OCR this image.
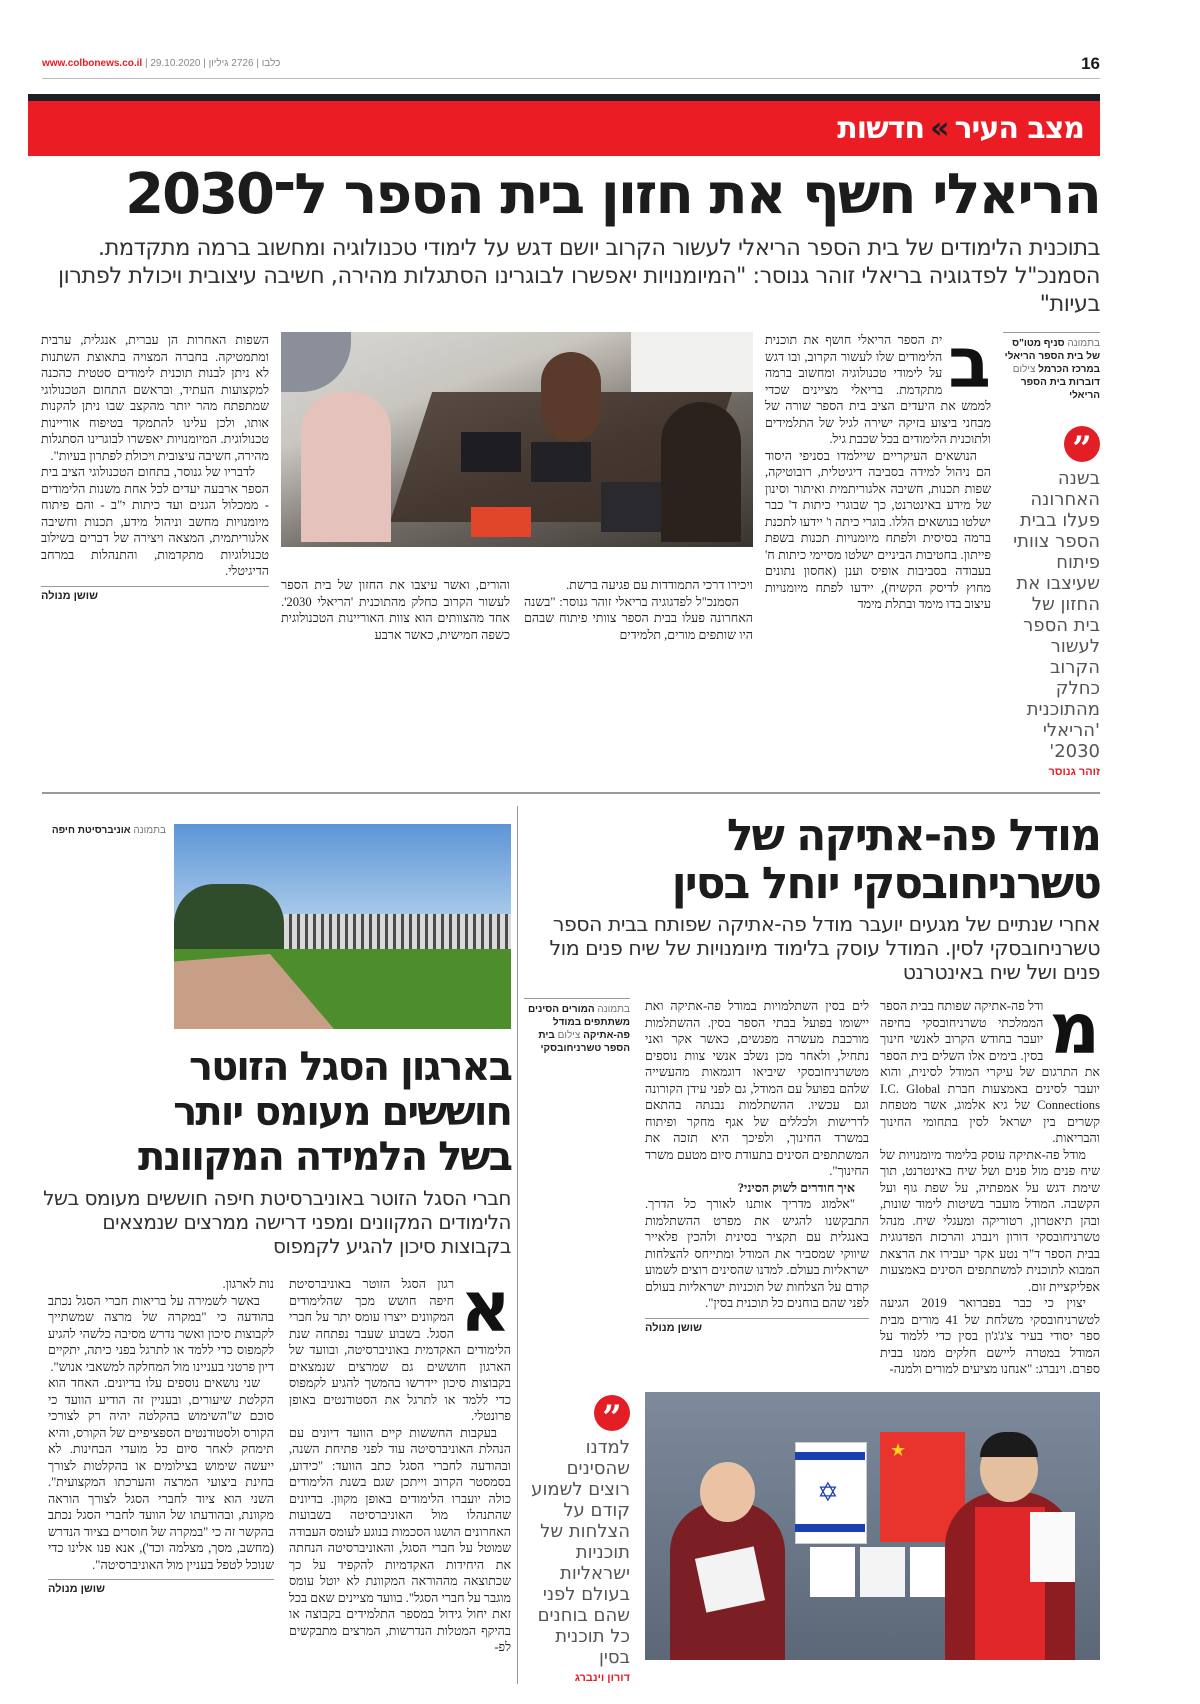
www.colbonews.co.il | כלבו | 2726 גיליון | 29.10.2020	16
מצב העיר
»
חדשות
הריאלי חשף את חזון בית הספר ל־2030
בתוכנית הלימודים של בית הספר הריאלי לעשור הקרוב יושם דגש על לימודי טכנולוגיה ומחשוב ברמה מתקדמת. הסמנכ"ל לפדגוגיה בריאלי זוהר גנוסר: "המיומנויות יאפשרו לבוגרינו הסתגלות מהירה, חשיבה עיצובית ויכולת לפתרון בעיות"
בתמונה סניף מטו"ס של בית הספר הריאלי במרכז הכרמל צילום דוברות בית הספר הריאלי
”
בשנה האחרונה פעלו בבית הספר צוותי פיתוח שעיצבו את החזון של בית הספר לעשור הקרוב כחלק מהתוכנית 'הריאלי 2030'
זוהר גנוסר
ב

ית הספר הריאלי חושף את תוכנית הלימודים שלו לעשור הקרוב, ובו דגש על לימודי טכנולוגיה ומחשוב ברמה מתקדמת. בריאלי מציינים שכדי לממש את היעדים הציב בית הספר שורה של מבחני ביצוע בזיקה ישירה לגיל של התלמידים ולתוכנית הלימודים בכל שכבת גיל.

הנושאים העיקריים שיילמדו בסניפי היסוד הם ניהול למידה בסביבה דיגיטלית, רובוטיקה, שפות תכנות, חשיבה אלגוריתמית ואיתור וסינון של מידע באינטרנט, כך שבוגרי כיתות ד' כבר ישלטו בנושאים הללו. בוגרי כיתה ו' יידעו לתכנת ברמה בסיסית ולפתח מיומנויות תכנות בשפת פייתון. בחטיבות הביניים ישלטו מסיימי כיתות ח' בעבודה בסביבות אופיס וענן (אחסון נתונים מחוץ לדיסק הקשיח), יידעו לפתח מיומנויות עיצוב בדו מימד ובתלת מימד

ויכירו דרכי התמודדות עם פגיעה ברשת.

הסמנכ"ל לפדגוגיה בריאלי זוהר גנוסר: "בשנה האחרונה פעלו בבית הספר צוותי פיתוח שבהם היו שותפים מורים, תלמידים

והורים, ואשר עיצבו את החזון של בית הספר לעשור הקרוב כחלק מהתוכנית 'הריאלי 2030'. אחד מהצוותים הוא צוות האוריינות הטכנולוגית כשפה חמישית, כאשר ארבע

השפות האחרות הן עברית, אנגלית, ערבית ומתמטיקה. בחברה המצויה בתאוצת השתנות לא ניתן לבנות תוכנית לימודים סטטית כהכנה למקצועות העתיד, ובראשם התחום הטכנולוגי שמתפתח מהר יותר מהקצב שבו ניתן להקנות אותו, ולכן עלינו להתמקד בטיפוח אוריינות טכנולוגית. המיומנויות יאפשרו לבוגרינו הסתגלות מהירה, חשיבה עיצובית ויכולת לפתרון בעיות".

לדבריו של גנוסר, בתחום הטכנולוגי הציב בית הספר ארבעה יעדים לכל אחת משנות הלימודים - ממכלול הגנים ועד כיתות י"ב - והם פיתוח מיומנויות מחשב וניהול מידע, תכנות וחשיבה אלגוריתמית, המצאה ויצירה של דברים בשילוב טכנולוגיות מתקדמות, והתנהלות במרחב הדיגיטלי.

שושן מנולה
מודל פה-אתיקה של
טשרניחובסקי יוחל בסין
אחרי שנתיים של מגעים יועבר מודל פה-אתיקה שפותח בבית הספר טשרניחובסקי לסין. המודל עוסק בלימוד מיומנויות של שיח פנים מול פנים ושל שיח באינטרנט
מ

ודל פה-אתיקה שפותח בבית הספר הממלכתי טשרניחובסקי בחיפה יועבר בחודש הקרוב לאנשי חינוך בסין. בימים אלו השלים בית הספר את התרגום של עיקרי המודל לסינית, והוא יועבר לסינים באמצעות חברת I.C. Global Connections של גיא אלמוג, אשר מטפחת קשרים בין ישראל לסין בתחומי החינוך והבריאות.

מודל פה-אתיקה עוסק בלימוד מיומנויות של שיח פנים מול פנים ושל שיח באינטרנט, תוך שימת דגש על אמפתיה, על שפת גוף ועל הקשבה. המודל מועבר בשיטות לימוד שונות, ובהן תיאטרון, רטוריקה ומעגלי שיח. מנהל טשרניחובסקי דורון וינברג והרכזת הפדגוגית בבית הספר ד"ר נטע אקר יעבירו את הרצאת המבוא לתוכנית למשתתפים הסינים באמצעות אפליקציית זום.

יצוין כי כבר בפברואר 2019 הגיעה לטשרניחובסקי משלחת של 41 מורים מבית ספר יסודי בעיר צ'ג'ג'ון בסין כדי ללמוד על המודל במטרה ליישם חלקים ממנו בבית ספרם. וינברג: "אנחנו מציעים למורים ולמנה-

לים בסין השתלמויות במודל פה-אתיקה ואת יישומו בפועל בבתי הספר בסין. ההשתלמות מורכבת מעשרה מפגשים, כאשר אקר ואני נתחיל, ולאחר מכן נשלב אנשי צוות נוספים מטשרניחובסקי שיביאו דוגמאות מהעשייה שלהם בפועל עם המודל, גם לפני עידן הקורונה וגם עכשיו. ההשתלמות נבנתה בהתאם לדרישות ולכללים של אגף מחקר ופיתוח במשרד החינוך, ולפיכך היא תזכה את המשתתפים הסינים בתעודת סיום מטעם משרד החינוך".

איך חודרים לשוק הסיני?

"אלמוג מדריך אותנו לאורך כל הדרך. התבקשנו להגיש את מפרט ההשתלמות באנגלית עם תקציר בסינית ולהכין פלאייר שיווקי שמסביר את המודל ומתייחס להצלחות ישראליות בעולם. למדנו שהסינים רוצים לשמוע קודם על הצלחות של תוכניות ישראליות בעולם לפני שהם בוחנים כל תוכנית בסין".

שושן מנולה
✡
★
בתמונה המורים הסינים משתתפים במודל פה-אתיקה צילום בית הספר טשרניחובסקי
”
למדנו שהסינים רוצים לשמוע קודם על הצלחות של תוכניות ישראליות בעולם לפני שהם בוחנים כל תוכנית בסין
דורון וינברג
בתמונה אוניברסיטת חיפה
בארגון הסגל הזוטר
חוששים מעומס יותר
בשל הלמידה המקוונת
חברי הסגל הזוטר באוניברסיטת חיפה חוששים מעומס בשל הלימודים המקוונים ומפני דרישה ממרצים שנמצאים בקבוצות סיכון להגיע לקמפוס
א

רגון הסגל הזוטר באוניברסיטת חיפה חושש מכך שהלימודים המקוונים ייצרו עומס יתר על חברי הסגל. בשבוע שעבר נפתחה שנת הלימודים האקדמית באוניברסיטה, ובוועד של הארגון חוששים גם שמרצים שנמצאים בקבוצות סיכון יידרשו בהמשך להגיע לקמפוס כדי ללמד או לתרגל את הסטודנטים באופן פרונטלי.

בעקבות החששות קיים הוועד דיונים עם הנהלת האוניברסיטה עוד לפני פתיחת השנה, ובהודעה לחברי הסגל כתב הוועד: "כידוע, בסמסטר הקרוב וייתכן שגם בשנת הלימודים כולה יועברו הלימודים באופן מקוון. בדיונים שהתנהלו מול האוניברסיטה בשבועות האחרונים הושגו הסכמות בנוגע לעומס העבודה שמוטל על חברי הסגל, והאוניברסיטה הנחתה את היחידות האקדמיות להקפיד על כך שכתוצאה מההוראה המקוונת לא יוטל עומס מוגבר על חברי הסגל". בוועד מציינים שאם בכל זאת יחול גידול במספר התלמידים בקבוצה או בהיקף המטלות הנדרשות, המרצים מתבקשים לפ-

נות לארגון.

באשר לשמירה על בריאות חברי הסגל נכתב בהודעה כי "במקרה של מרצה שמשתייך לקבוצות סיכון ואשר נדרש מסיבה כלשהי להגיע לקמפוס כדי ללמד או לתרגל בפני כיתה, יתקיים דיון פרטני בעניינו מול המחלקה למשאבי אנוש".

שני נושאים נוספים עלו בדיונים. האחד הוא הקלטת שיעורים, ובעניין זה הודיע הוועד כי סוכם ש"השימוש בהקלטה יהיה רק לצורכי הקורס ולסטודנטים הספציפיים של הקורס, והיא תימחק לאחר סיום כל מועדי הבחינות. לא ייעשה שימוש בצילומים או בהקלטות לצורך בחינת ביצועי המרצה והערכתו המקצועית". השני הוא ציוד לחברי הסגל לצורך הוראה מקוונת, ובהודעתו של הוועד לחברי הסגל נכתב בהקשר זה כי "במקרה של חוסרים בציוד הנדרש (מחשב, מסך, מצלמה וכד'), אנא פנו אלינו כדי שנוכל לטפל בעניין מול האוניברסיטה".

שושן מנולה
